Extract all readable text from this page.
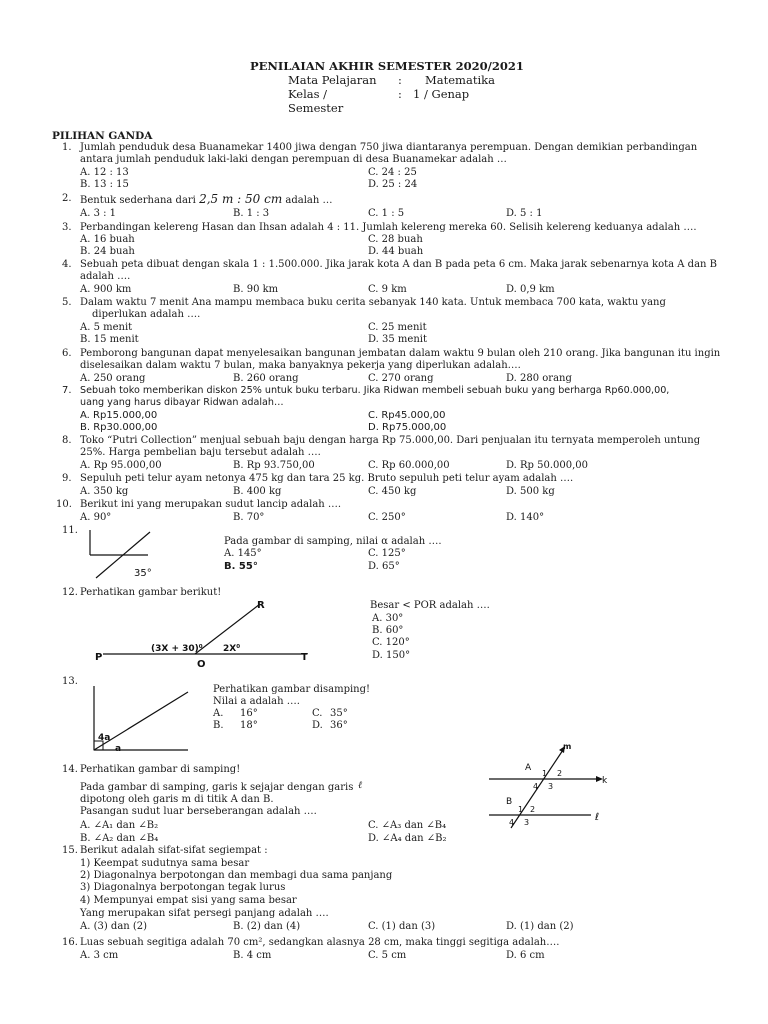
PENILAIAN AKHIR SEMESTER 2020/2021
Mata Pelajaran : Matematika
Kelas /	: 1 / Genap
Semester
PILIHAN GANDA
1. Jumlah penduduk desa Buanamekar 1400 jiwa dengan 750 jiwa diantaranya perempuan. Dengan demikian perbandingan
antara jumlah penduduk laki-laki dengan perempuan di desa Buanamekar adalah …
A. 12 : 13
B. 13 : 15
C. 24 : 25
D. 25 : 24
2. Bentuk sederhana dari 2,5 m : 50 cm adalah …
A. 3 : 1	B. 1 : 3	C. 1 : 5	D. 5 : 1
3. Perbandingan kelereng Hasan dan Ihsan adalah 4 : 11. Jumlah kelereng mereka 60. Selisih kelereng keduanya adalah ….
A. 16 buah
B. 24 buah
C. 28 buah
D. 44 buah
4. Sebuah peta dibuat dengan skala 1 : 1.500.000. Jika jarak kota A dan B pada peta 6 cm. Maka jarak sebenarnya kota A dan B
adalah ….
A. 900 km	B. 90 km	C. 9 km	D. 0,9 km
5. Dalam waktu 7 menit Ana mampu membaca buku cerita sebanyak 140 kata. Untuk membaca 700 kata, waktu yang
diperlukan adalah ….
A. 5 menit
B. 15 menit
C. 25 menit
D. 35 menit
6. Pemborong bangunan dapat menyelesaikan bangunan jembatan dalam waktu 9 bulan oleh 210 orang. Jika bangunan itu ingin
diselesaikan dalam waktu 7 bulan, maka banyaknya pekerja yang diperlukan adalah….
A. 250 orang	B. 260 orang	C. 270 orang	D. 280 orang
7. Sebuah toko memberikan diskon 25% untuk buku terbaru. Jika Ridwan membeli sebuah buku yang berharga Rp60.000,00,
uang yang harus dibayar Ridwan adalah…
A. Rp15.000,00
B. Rp30.000,00
C. Rp45.000,00
D. Rp75.000,00
8. Toko “Putri Collection” menjual sebuah baju dengan harga Rp 75.000,00. Dari penjualan itu ternyata memperoleh untung
25%. Harga pembelian baju tersebut adalah ….
A. Rp 95.000,00	B. Rp 93.750,00	C. Rp 60.000,00	D. Rp 50.000,00
9. Sepuluh peti telur ayam netonya 475 kg dan tara 25 kg. Bruto sepuluh peti telur ayam adalah ….
A. 350 kg	B. 400 kg	C. 450 kg	D. 500 kg
10. Berikut ini yang merupakan sudut lancip adalah ….
A. 90°	B. 70°	C. 250°	D. 140°
11.
35°
Pada gambar di samping, nilai α adalah ….
A. 145°
B. 55°
C. 125°
D. 65°
12. Perhatikan gambar berikut!
R
P
O
T
(3X + 30)⁰ 2X⁰
Besar < POR adalah ….
A. 30°
B. 60°
C. 120°
D. 150°
13.
4a
a
Perhatikan gambar disamping!
Nilai a adalah ….
A. 16°
B. 18°
C. 35°
D. 36°
14. Perhatikan gambar di samping!
Pada gambar di samping, garis k sejajar dengan garis ℓ
dipotong oleh garis m di titik A dan B.
Pasangan sudut luar berseberangan adalah ….
A. ∠A₁ dan ∠B₂
B. ∠A₂ dan ∠B₄
C. ∠A₃ dan ∠B₄
D. ∠A₄ dan ∠B₂
m
k
ℓ
A
B
1 2
3
4
1 2
3
4
15. Berikut adalah sifat-sifat segiempat :
1) Keempat sudutnya sama besar
2) Diagonalnya berpotongan dan membagi dua sama panjang
3) Diagonalnya berpotongan tegak lurus
4) Mempunyai empat sisi yang sama besar
Yang merupakan sifat persegi panjang adalah ….
A. (3) dan (2)	B. (2) dan (4)	C. (1) dan (3)	D. (1) dan (2)
16. Luas sebuah segitiga adalah 70 cm², sedangkan alasnya 28 cm, maka tinggi segitiga adalah….
A. 3 cm	B. 4 cm	C. 5 cm	D. 6 cm
